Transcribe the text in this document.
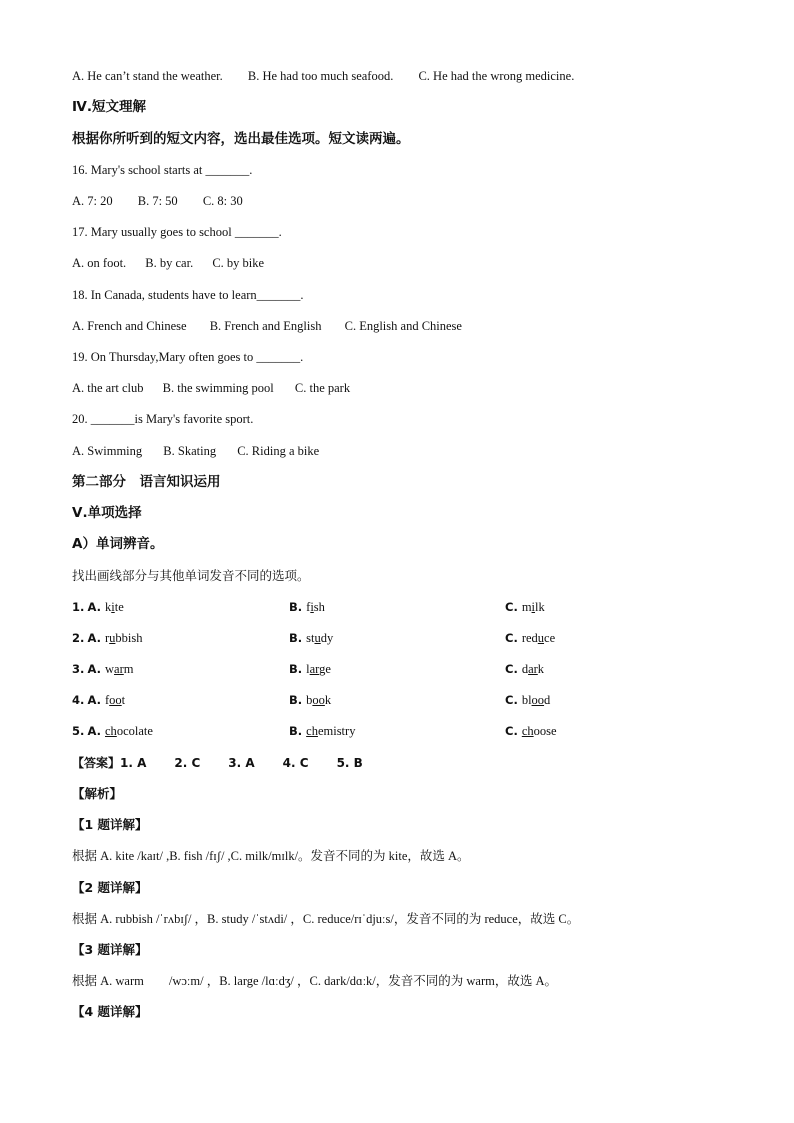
A. He can’t stand the weather. B. He had too much seafood. C. He had the wrong medicine.
Ⅳ.短文理解
根据你所听到的短文内容，选出最佳选项。短文读两遍。
16. Mary's school starts at _______.
A. 7: 20 B. 7: 50 C. 8: 30
17. Mary usually goes to school _______.
A. on foot. B. by car. C. by bike
18. In Canada, students have to learn_______.
A. French and Chinese B. French and English C. English and Chinese
19. On Thursday,Mary often goes to _______.
A. the art club B. the swimming pool C. the park
20. _______is Mary's favorite sport.
A. Swimming B. Skating C. Riding a bike
第二部分　语言知识运用
Ⅴ.单项选择
A）单词辨音。
找出画线部分与其他单词发音不同的选项。
1. A. kite	B. fish	C. milk
2. A. rubbish	B. study	C. reduce
3. A. warm	B. large	C. dark
4. A. foot	B. book	C. blood
5. A. chocolate	B. chemistry	C. choose
【答案】1. A 2. C 3. A 4. C 5. B
【解析】
【1 题详解】
根据 A. kite /kaɪt/ ,B. fish /fɪʃ/ ,C. milk/mɪlk/。发音不同的为 kite，故选 A。
【2 题详解】
根据 A. rubbish /ˈrʌbɪʃ/ ，B. study /ˈstʌdi/ ，C. reduce/rɪˈdjuːs/，发音不同的为 reduce，故选 C。
【3 题详解】
根据 A. warm　　/wɔːm/ ，B. large /lɑːdʒ/ ，C. dark/dɑːk/，发音不同的为 warm，故选 A。
【4 题详解】
